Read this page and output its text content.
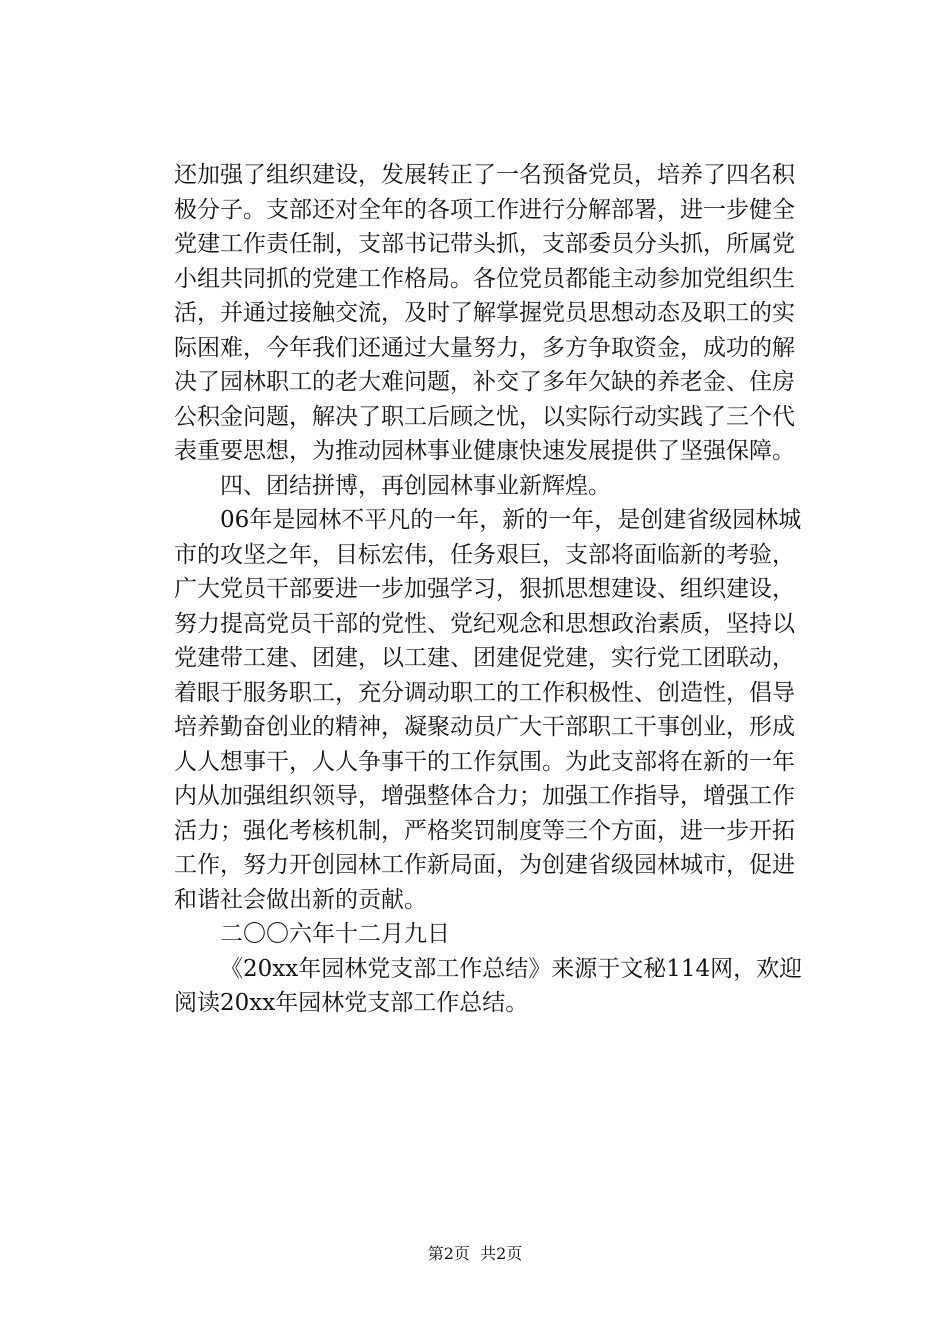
还加强了组织建设，发展转正了一名预备党员，培养了四名积
极分子。支部还对全年的各项工作进行分解部署，进一步健全
党建工作责任制，支部书记带头抓，支部委员分头抓，所属党
小组共同抓的党建工作格局。各位党员都能主动参加党组织生
活，并通过接触交流，及时了解掌握党员思想动态及职工的实
际困难，今年我们还通过大量努力，多方争取资金，成功的解
决了园林职工的老大难问题，补交了多年欠缺的养老金、住房
公积金问题，解决了职工后顾之忧，以实际行动实践了三个代
表重要思想，为推动园林事业健康快速发展提供了坚强保障。
四、团结拼博，再创园林事业新辉煌。
06年是园林不平凡的一年，新的一年，是创建省级园林城
市的攻坚之年，目标宏伟，任务艰巨，支部将面临新的考验，
广大党员干部要进一步加强学习，狠抓思想建设、组织建设，
努力提高党员干部的党性、党纪观念和思想政治素质，坚持以
党建带工建、团建，以工建、团建促党建，实行党工团联动，
着眼于服务职工，充分调动职工的工作积极性、创造性，倡导
培养勤奋创业的精神，凝聚动员广大干部职工干事创业，形成
人人想事干，人人争事干的工作氛围。为此支部将在新的一年
内从加强组织领导，增强整体合力；加强工作指导，增强工作
活力；强化考核机制，严格奖罚制度等三个方面，进一步开拓
工作，努力开创园林工作新局面，为创建省级园林城市，促进
和谐社会做出新的贡献。
二〇〇六年十二月九日
《20xx年园林党支部工作总结》来源于文秘114网，欢迎
阅读20xx年园林党支部工作总结。
第2页  共2页
